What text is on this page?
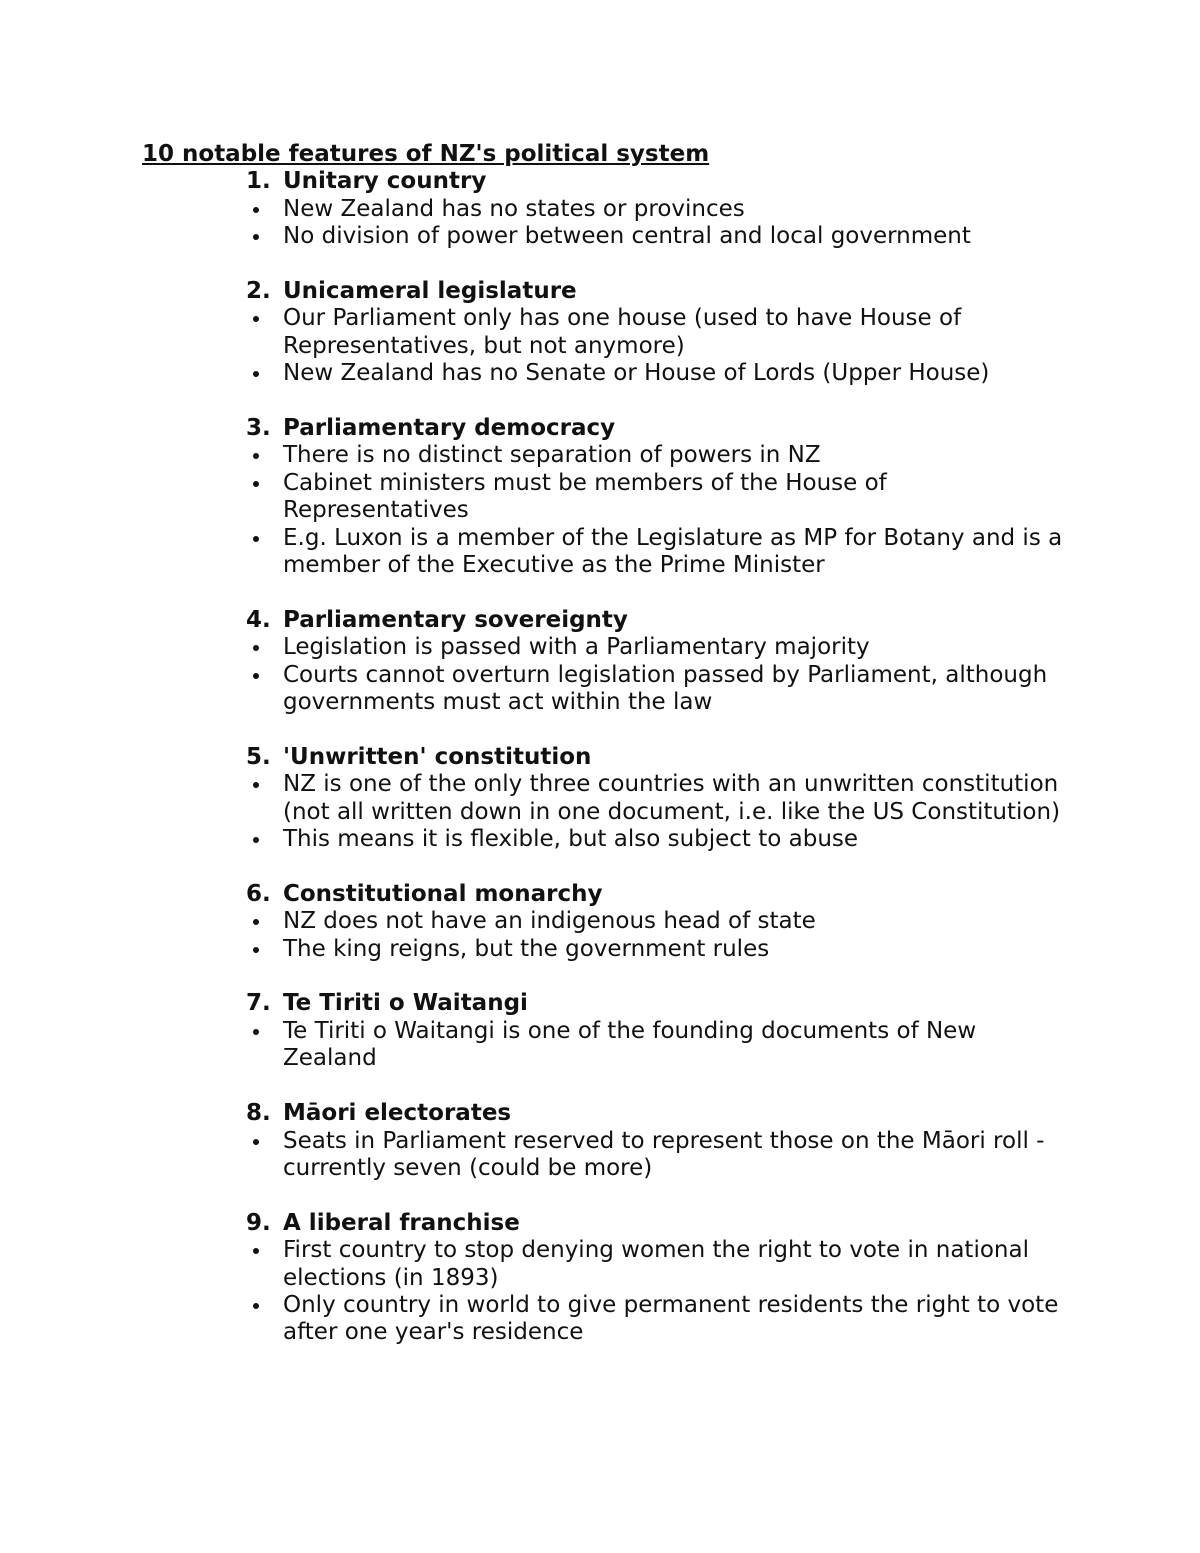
10 notable features of NZ's political system
1. Unitary country
New Zealand has no states or provinces
No division of power between central and local government
2. Unicameral legislature
Our Parliament only has one house (used to have House of Representatives, but not anymore)
New Zealand has no Senate or House of Lords (Upper House)
3. Parliamentary democracy
There is no distinct separation of powers in NZ
Cabinet ministers must be members of the House of Representatives
E.g. Luxon is a member of the Legislature as MP for Botany and is a member of the Executive as the Prime Minister
4. Parliamentary sovereignty
Legislation is passed with a Parliamentary majority
Courts cannot overturn legislation passed by Parliament, although governments must act within the law
5. 'Unwritten' constitution
NZ is one of the only three countries with an unwritten constitution (not all written down in one document, i.e. like the US Constitution)
This means it is flexible, but also subject to abuse
6. Constitutional monarchy
NZ does not have an indigenous head of state
The king reigns, but the government rules
7. Te Tiriti o Waitangi
Te Tiriti o Waitangi is one of the founding documents of New Zealand
8. Māori electorates
Seats in Parliament reserved to represent those on the Māori roll - currently seven (could be more)
9. A liberal franchise
First country to stop denying women the right to vote in national elections (in 1893)
Only country in world to give permanent residents the right to vote after one year's residence
